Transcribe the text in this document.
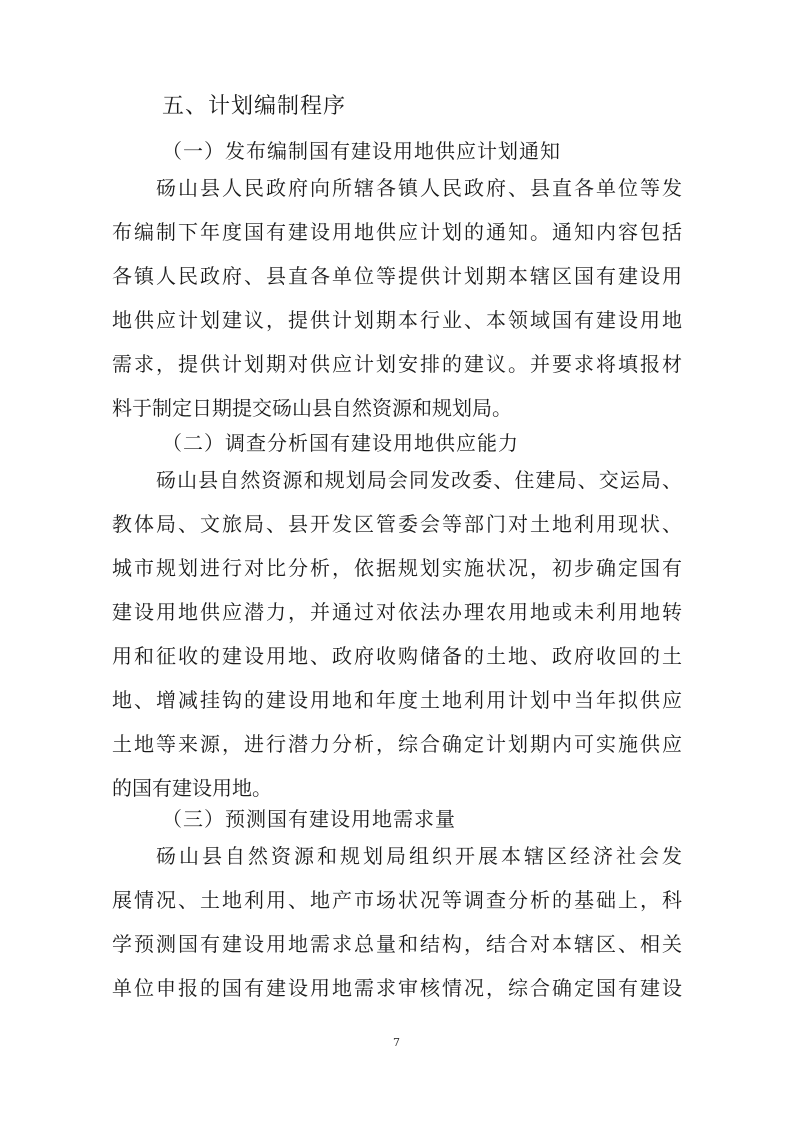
五、计划编制程序
（一）发布编制国有建设用地供应计划通知
砀山县人民政府向所辖各镇人民政府、县直各单位等发
布编制下年度国有建设用地供应计划的通知。通知内容包括
各镇人民政府、县直各单位等提供计划期本辖区国有建设用
地供应计划建议，提供计划期本行业、本领域国有建设用地
需求，提供计划期对供应计划安排的建议。并要求将填报材
料于制定日期提交砀山县自然资源和规划局。
（二）调查分析国有建设用地供应能力
砀山县自然资源和规划局会同发改委、住建局、交运局、
教体局、文旅局、县开发区管委会等部门对土地利用现状、
城市规划进行对比分析，依据规划实施状况，初步确定国有
建设用地供应潜力，并通过对依法办理农用地或未利用地转
用和征收的建设用地、政府收购储备的土地、政府收回的土
地、增减挂钩的建设用地和年度土地利用计划中当年拟供应
土地等来源，进行潜力分析，综合确定计划期内可实施供应
的国有建设用地。
（三）预测国有建设用地需求量
砀山县自然资源和规划局组织开展本辖区经济社会发
展情况、土地利用、地产市场状况等调查分析的基础上，科
学预测国有建设用地需求总量和结构，结合对本辖区、相关
单位申报的国有建设用地需求审核情况，综合确定国有建设
7
